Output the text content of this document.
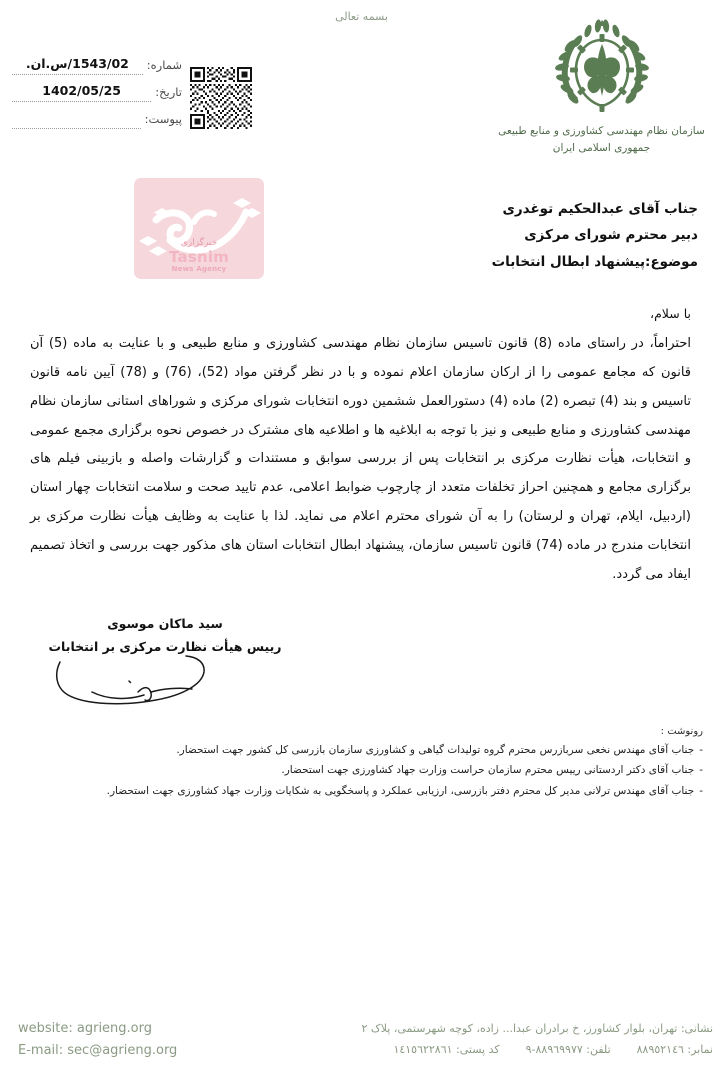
بسمه تعالی
سازمان نظام مهندسی کشاورزی و منابع طبیعی
جمهوری اسلامی ایران
شماره:
1543/02/س.ان.
تاریخ:
1402/05/25
پیوست:
خبرگزاری
Tasnim
News Agency
جناب آقای عبدالحکیم توغدری
دبیر محترم شورای مرکزی
موضوع:پیشنهاد ابطال انتخابات
با سلام،
احتراماً، در راستای ماده (8) قانون تاسیس سازمان نظام مهندسی کشاورزی و منابع طبیعی و با عنایت به ماده (5) آن قانون که مجامع عمومی را از ارکان سازمان اعلام نموده و با در نظر گرفتن مواد (52)، (76) و (78) آیین نامه قانون تاسیس و بند (4) تبصره (2) ماده (4) دستورالعمل ششمین دوره انتخابات شورای مرکزی و شوراهای استانی سازمان نظام مهندسی کشاورزی و منابع طبیعی و نیز با توجه به ابلاغیه ها و اطلاعیه های مشترک در خصوص نحوه برگزاری مجمع عمومی و انتخابات، هیأت نظارت مرکزی بر انتخابات پس از بررسی سوابق و مستندات و گزارشات واصله و بازبینی فیلم های برگزاری مجامع و همچنین احراز تخلفات متعدد از چارچوب ضوابط اعلامی، عدم تایید صحت و سلامت انتخابات چهار استان (اردبیل، ایلام، تهران و لرستان) را به آن شورای محترم اعلام می نماید. لذا با عنایت به وظایف هیأت نظارت مرکزی بر انتخابات مندرج در ماده (74) قانون تاسیس سازمان، پیشنهاد ابطال انتخابات استان های مذکور جهت بررسی و اتخاذ تصمیم ایفاد می گردد.
سید ماکان موسوی
ریيس هیأت نظارت مرکزی بر انتخابات
رونوشت :
-جناب آقای مهندس نخعی سربازرس محترم گروه تولیدات گیاهی و کشاورزی سازمان بازرسی کل کشور جهت استحضار.
-جناب آقای دکتر اردستانی ریيس محترم سازمان حراست وزارت جهاد کشاورزی جهت استحضار.
-جناب آقای مهندس ترلانی مدیر کل محترم دفتر بازرسی، ارزیابی عملکرد و پاسخگویی به شکایات وزارت جهاد کشاورزی جهت استحضار.
website: agrieng.org
E-mail: sec@agrieng.org
نشانی: تهران، بلوار کشاورز، خ برادران عبدا... زاده، کوچه شهرستمی، پلاک ۲
نمابر: ۸۸۹٥۲۱٤٦
تلفن: ۸۸۹٦۹۹۷۷-۹
کد پستی: ۱٤۱٥٦۲۲۸٦۱
